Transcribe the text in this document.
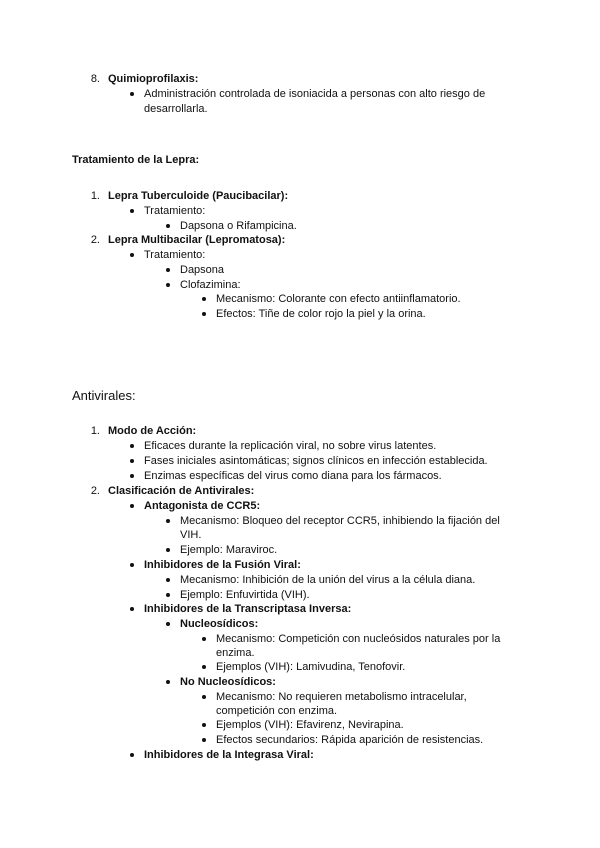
8. Quimioprofilaxis:
Administración controlada de isoniacida a personas con alto riesgo de
desarrollarla.
Tratamiento de la Lepra:
1. Lepra Tuberculoide (Paucibacilar):
Tratamiento:
Dapsona o Rifampicina.
2. Lepra Multibacilar (Lepromatosa):
Tratamiento:
Dapsona
Clofazimina:
Mecanismo: Colorante con efecto antiinflamatorio.
Efectos: Tiñe de color rojo la piel y la orina.
Antivirales:
1. Modo de Acción:
Eficaces durante la replicación viral, no sobre virus latentes.
Fases iniciales asintomáticas; signos clínicos en infección establecida.
Enzimas específicas del virus como diana para los fármacos.
2. Clasificación de Antivirales:
Antagonista de CCR5:
Mecanismo: Bloqueo del receptor CCR5, inhibiendo la fijación del
VIH.
Ejemplo: Maraviroc.
Inhibidores de la Fusión Viral:
Mecanismo: Inhibición de la unión del virus a la célula diana.
Ejemplo: Enfuvirtida (VIH).
Inhibidores de la Transcriptasa Inversa:
Nucleosídicos:
Mecanismo: Competición con nucleósidos naturales por la
enzima.
Ejemplos (VIH): Lamivudina, Tenofovir.
No Nucleosídicos:
Mecanismo: No requieren metabolismo intracelular,
competición con enzima.
Ejemplos (VIH): Efavirenz, Nevirapina.
Efectos secundarios: Rápida aparición de resistencias.
Inhibidores de la Integrasa Viral:
